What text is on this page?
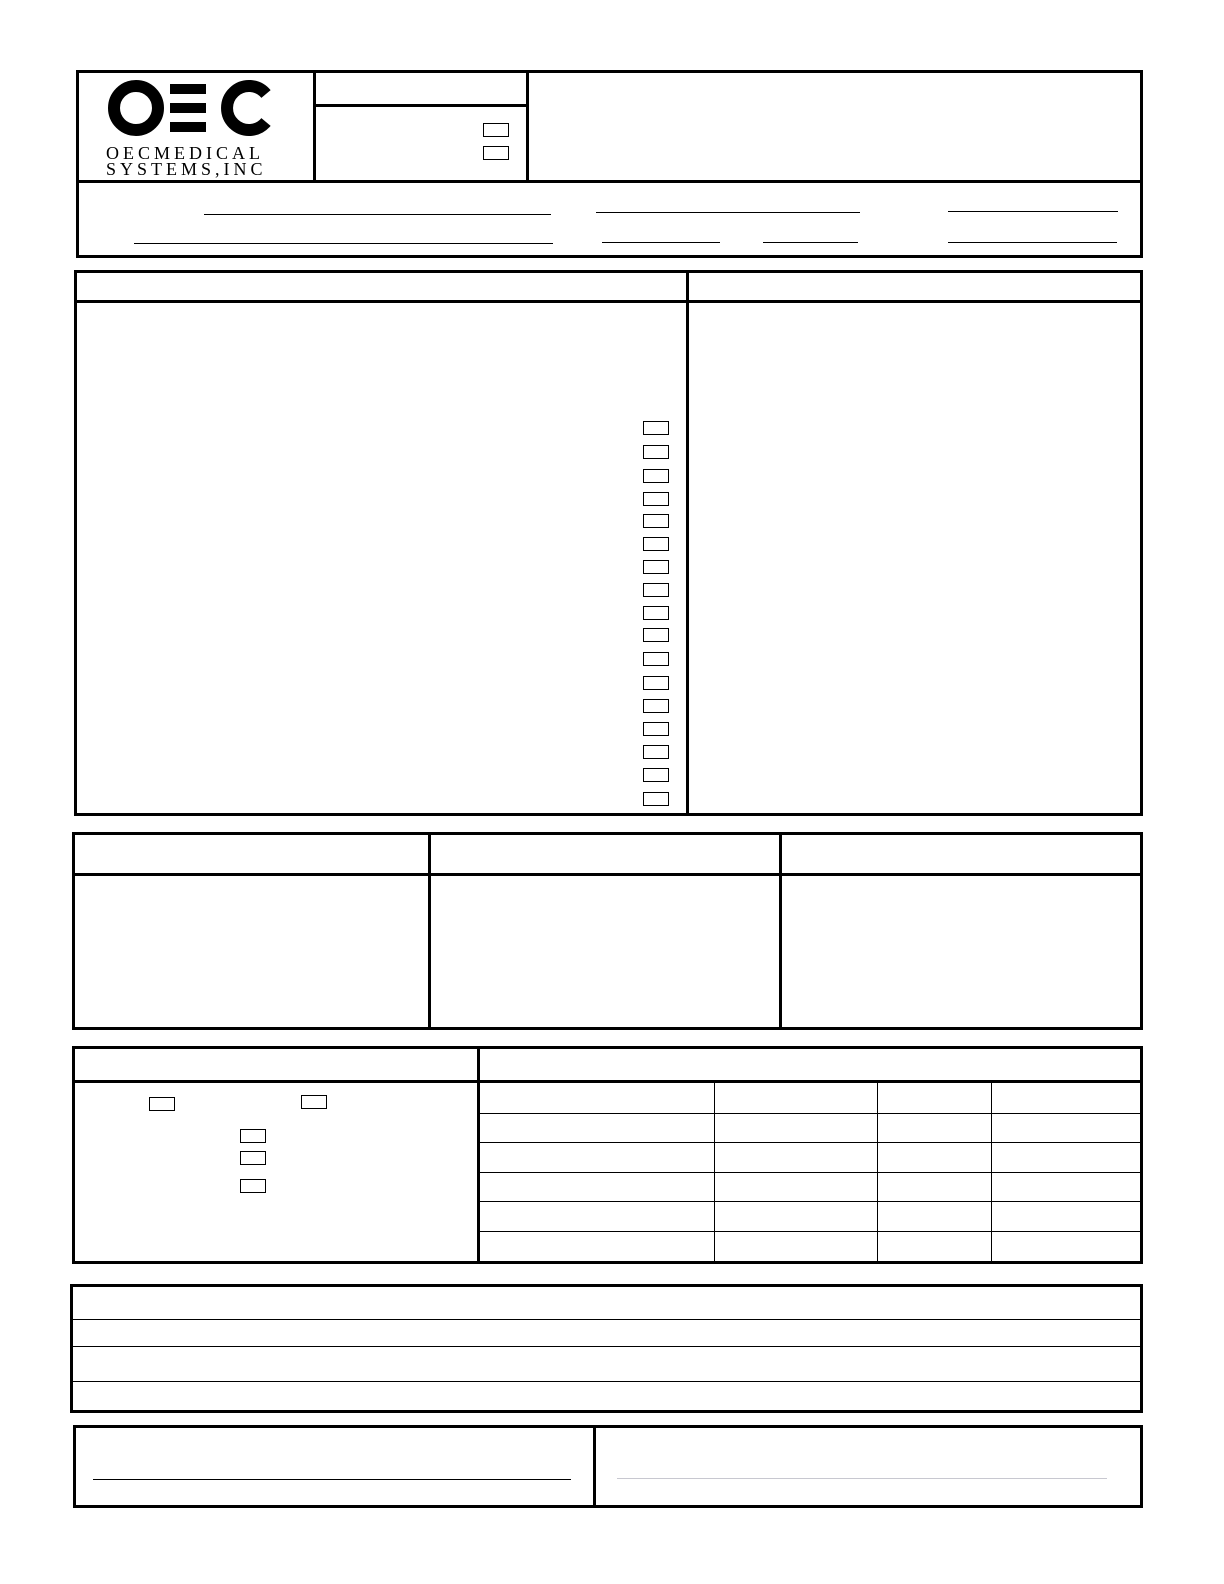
OECMEDICAL
SYSTEMS,INC
